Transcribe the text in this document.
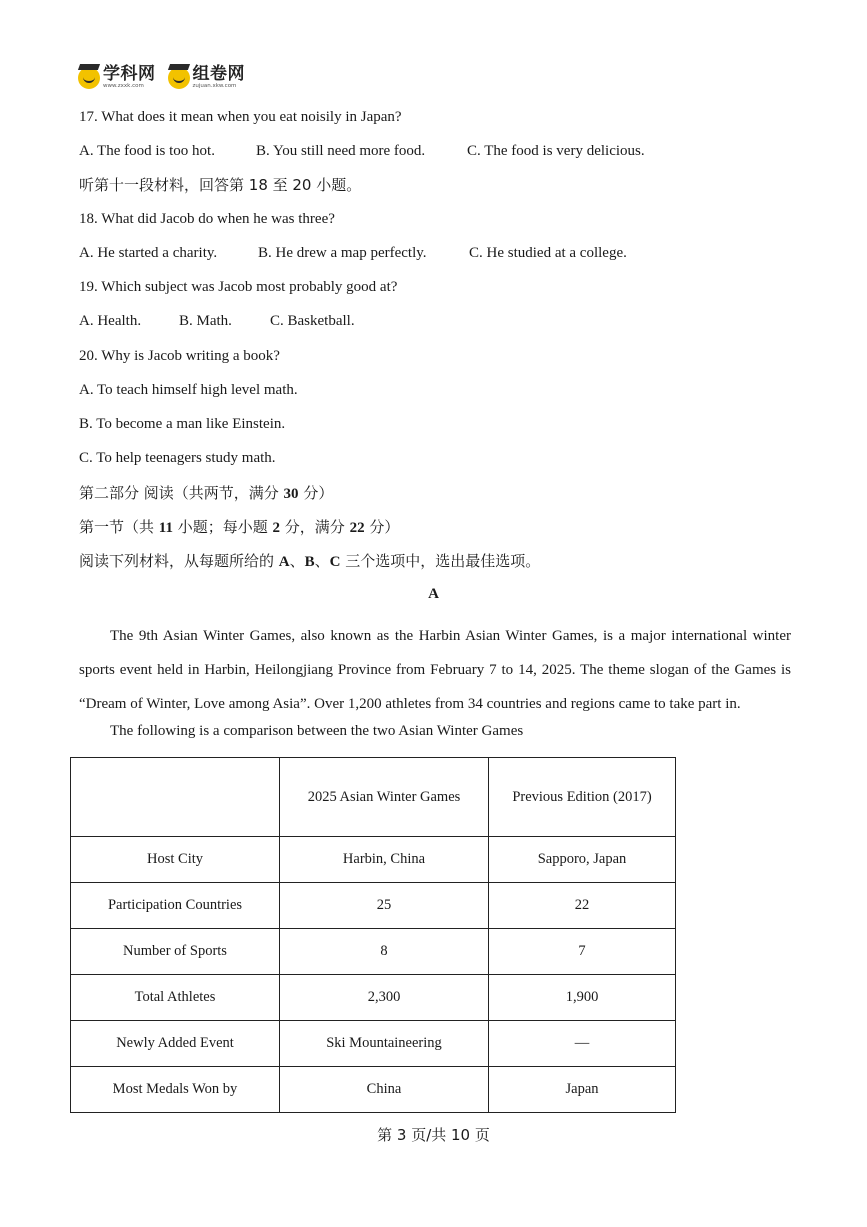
学科网
www.zxxk.com
组卷网
zujuan.xkw.com
17. What does it mean when you eat noisily in Japan?
A. The food is too hot.	B. You still need more food.	C. The food is very delicious.
听第十一段材料，回答第 18 至 20 小题。
18. What did Jacob do when he was three?
A. He started a charity.	B. He drew a map perfectly.	C. He studied at a college.
19. Which subject was Jacob most probably good at?
A. Health.	B. Math.	C. Basketball.
20. Why is Jacob writing a book?
A. To teach himself high level math.
B. To become a man like Einstein.
C. To help teenagers study math.
第二部分 阅读（共两节，满分 30 分）
第一节（共 11 小题；每小题 2 分，满分 22 分）
阅读下列材料，从每题所给的 A、B、C 三个选项中，选出最佳选项。
A
The 9th Asian Winter Games, also known as the Harbin Asian Winter Games, is a major international winter sports event held in Harbin, Heilongjiang Province from February 7 to 14, 2025. The theme slogan of the Games is “Dream of Winter, Love among Asia”. Over 1,200 athletes from 34 countries and regions came to take part in.
The following is a comparison between the two Asian Winter Games
	2025 Asian Winter Games	Previous Edition (2017)
Host City	Harbin, China	Sapporo, Japan
Participation Countries	25	22
Number of Sports	8	7
Total Athletes	2,300	1,900
Newly Added Event	Ski Mountaineering	—
Most Medals Won by	China	Japan
第 3 页/共 10 页
